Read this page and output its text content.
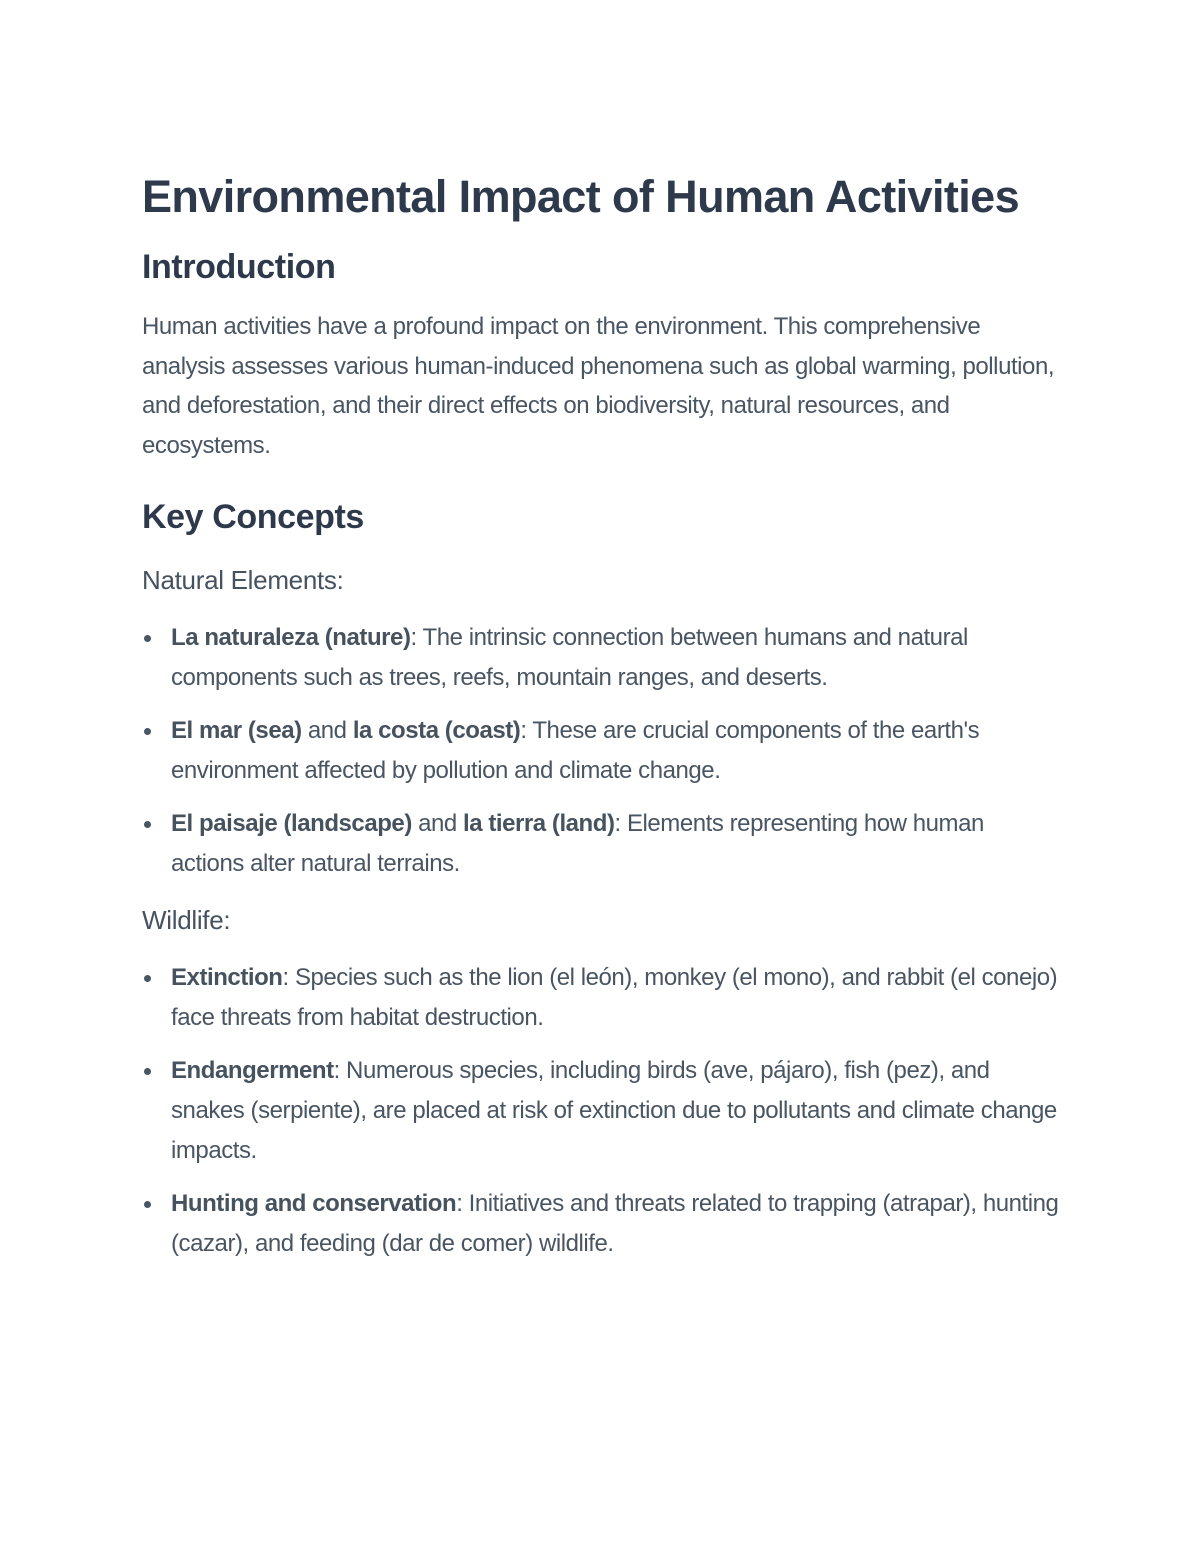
Environmental Impact of Human Activities
Introduction

Human activities have a profound impact on the environment. This comprehensive analysis assesses various human-induced phenomena such as global warming, pollution, and deforestation, and their direct effects on biodiversity, natural resources, and ecosystems.

Key Concepts
Natural Elements:
La naturaleza (nature): The intrinsic connection between humans and natural components such as trees, reefs, mountain ranges, and deserts.
El mar (sea) and la costa (coast): These are crucial components of the earth's environment affected by pollution and climate change.
El paisaje (landscape) and la tierra (land): Elements representing how human actions alter natural terrains.
Wildlife:
Extinction: Species such as the lion (el león), monkey (el mono), and rabbit (el conejo) face threats from habitat destruction.
Endangerment: Numerous species, including birds (ave, pájaro), fish (pez), and snakes (serpiente), are placed at risk of extinction due to pollutants and climate change impacts.
Hunting and conservation: Initiatives and threats related to trapping (atrapar), hunting (cazar), and feeding (dar de comer) wildlife.
